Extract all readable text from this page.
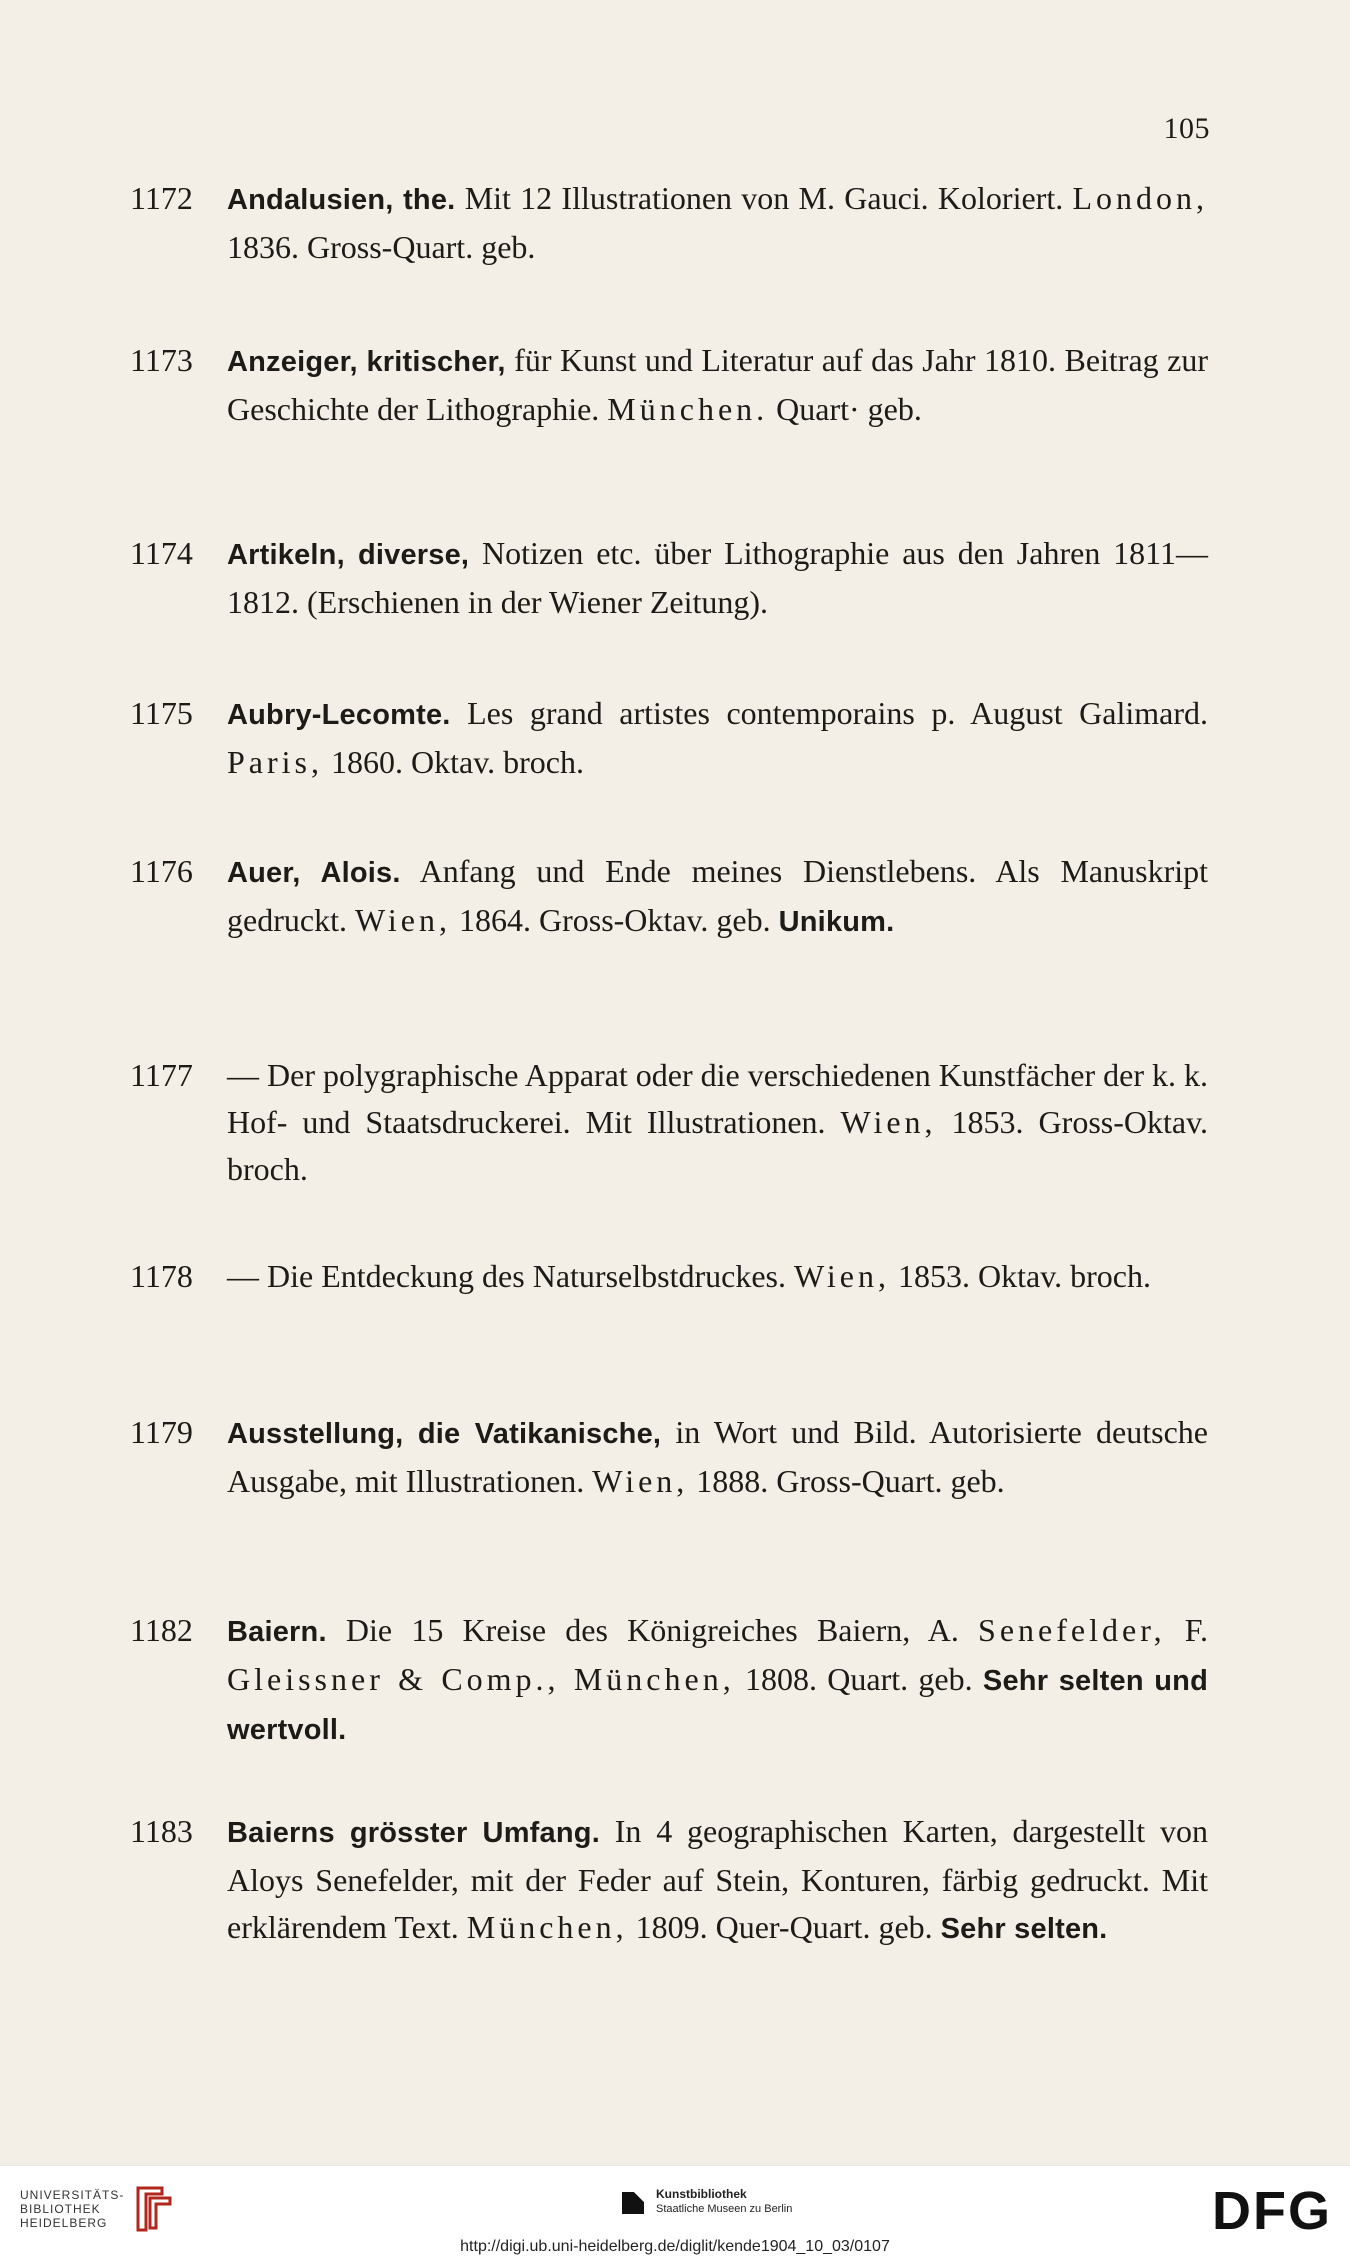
105
1172	Andalusien, the. Mit 12 Illustrationen von M. Gauci. Koloriert. London, 1836. Gross-Quart. geb.
1173	Anzeiger, kritischer, für Kunst und Literatur auf das Jahr 1810. Beitrag zur Geschichte der Lithographie. München. Quart· geb.
1174	Artikeln, diverse, Notizen etc. über Lithographie aus den Jahren 1811—1812. (Erschienen in der Wiener Zeitung).
1175	Aubry-Lecomte. Les grand artistes contemporains p. August Galimard. Paris, 1860. Oktav. broch.
1176	Auer, Alois. Anfang und Ende meines Dienstlebens. Als Manuskript gedruckt. Wien, 1864. Gross-Oktav. geb. Unikum.
1177	— Der polygraphische Apparat oder die verschiedenen Kunstfächer der k. k. Hof- und Staatsdruckerei. Mit Illustrationen. Wien, 1853. Gross-Oktav. broch.
1178	— Die Entdeckung des Naturselbstdruckes. Wien, 1853. Oktav. broch.
1179	Ausstellung, die Vatikanische, in Wort und Bild. Autorisierte deutsche Ausgabe, mit Illustrationen. Wien, 1888. Gross-Quart. geb.
1182	Baiern. Die 15 Kreise des Königreiches Baiern, A. Senefelder, F. Gleissner & Comp., München, 1808. Quart. geb. Sehr selten und wertvoll.
1183	Baierns grösster Umfang. In 4 geographischen Karten, dargestellt von Aloys Senefelder, mit der Feder auf Stein, Konturen, färbig gedruckt. Mit erklärendem Text. München, 1809. Quer-Quart. geb. Sehr selten.
UNIVERSITÄTS-
BIBLIOTHEK
HEIDELBERG
Kunstbibliothek
Staatliche Museen zu Berlin	DFG
http://digi.ub.uni-heidelberg.de/diglit/kende1904_10_03/0107
